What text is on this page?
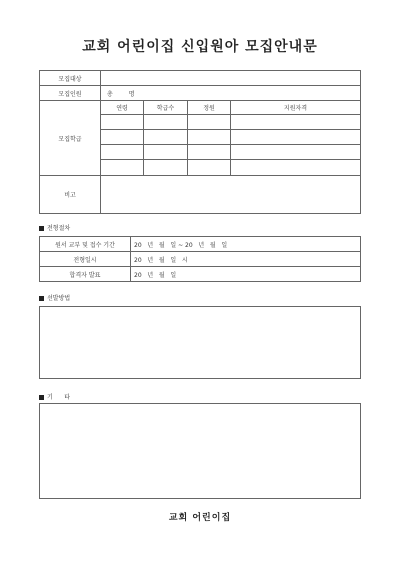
교회 어린이집 신입원아 모집안내문
모집대상				
모집인원	총 명			
모집학급	연령	학급수	정원	지원자격

비고				
전형절차
원서 교부 및 접수 기간	20   년   월   일 ~ 20   년   월   일
전형일시	20   년   월   일   시
합격자 발표	20   년   월   일
선발방법
기      타
교회 어린이집
